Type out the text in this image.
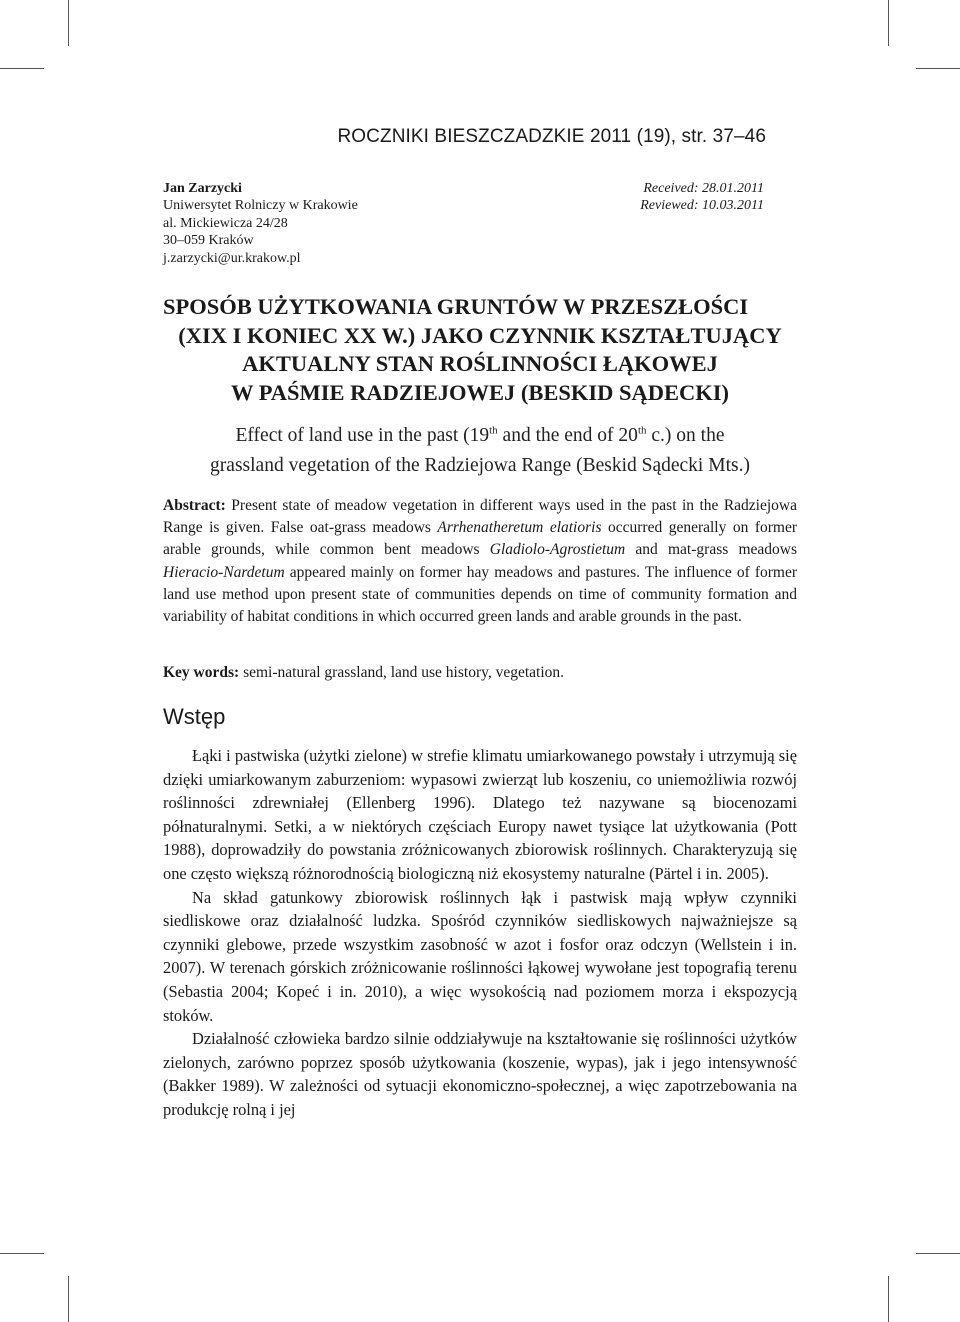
ROCZNIKI BIESZCZADZKIE 2011 (19), str. 37–46
Jan Zarzycki
Uniwersytet Rolniczy w Krakowie
al. Mickiewicza 24/28
30–059 Kraków
j.zarzycki@ur.krakow.pl
Received: 28.01.2011
Reviewed: 10.03.2011
SPOSÓB UŻYTKOWANIA GRUNTÓW W PRZESZŁOŚCI
(XIX I KONIEC XX W.) JAKO CZYNNIK KSZTAŁTUJĄCY
AKTUALNY STAN ROŚLINNOŚCI ŁĄKOWEJ
W PAŚMIE RADZIEJOWEJ (BESKID SĄDECKI)
Effect of land use in the past (19th and the end of 20th c.) on the
grassland vegetation of the Radziejowa Range (Beskid Sądecki Mts.)
Abstract: Present state of meadow vegetation in different ways used in the past in the Radziejowa Range is given. False oat-grass meadows Arrhenatheretum elatioris occurred generally on former arable grounds, while common bent meadows Gladiolo-Agrostietum and mat-grass meadows Hieracio-Nardetum appeared mainly on former hay meadows and pastures. The influence of former land use method upon present state of communities depends on time of community formation and variability of habitat conditions in which occurred green lands and arable grounds in the past.
Key words: semi-natural grassland, land use history, vegetation.
Wstęp

Łąki i pastwiska (użytki zielone) w strefie klimatu umiarkowanego powstały i utrzymują się dzięki umiarkowanym zaburzeniom: wypasowi zwierząt lub koszeniu, co uniemożliwia rozwój roślinności zdrewniałej (Ellenberg 1996). Dlatego też nazywane są biocenozami półnaturalnymi. Setki, a w niektórych częściach Europy nawet tysiące lat użytkowania (Pott 1988), doprowadziły do powstania zróżnicowanych zbiorowisk roślinnych. Charakteryzują się one często większą różnorodnością biologiczną niż ekosystemy naturalne (Pärtel i in. 2005).

Na skład gatunkowy zbiorowisk roślinnych łąk i pastwisk mają wpływ czynniki siedliskowe oraz działalność ludzka. Spośród czynników siedliskowych najważniejsze są czynniki glebowe, przede wszystkim zasobność w azot i fosfor oraz odczyn (Wellstein i in. 2007). W terenach górskich zróżnicowanie roślinności łąkowej wywołane jest topografią terenu (Sebastia 2004; Kopeć i in. 2010), a więc wysokością nad poziomem morza i ekspozycją stoków.

Działalność człowieka bardzo silnie oddziaływuje na kształtowanie się roślinności użytków zielonych, zarówno poprzez sposób użytkowania (koszenie, wypas), jak i jego intensywność (Bakker 1989). W zależności od sytuacji ekonomiczno-społecznej, a więc zapotrzebowania na produkcję rolną i jej
